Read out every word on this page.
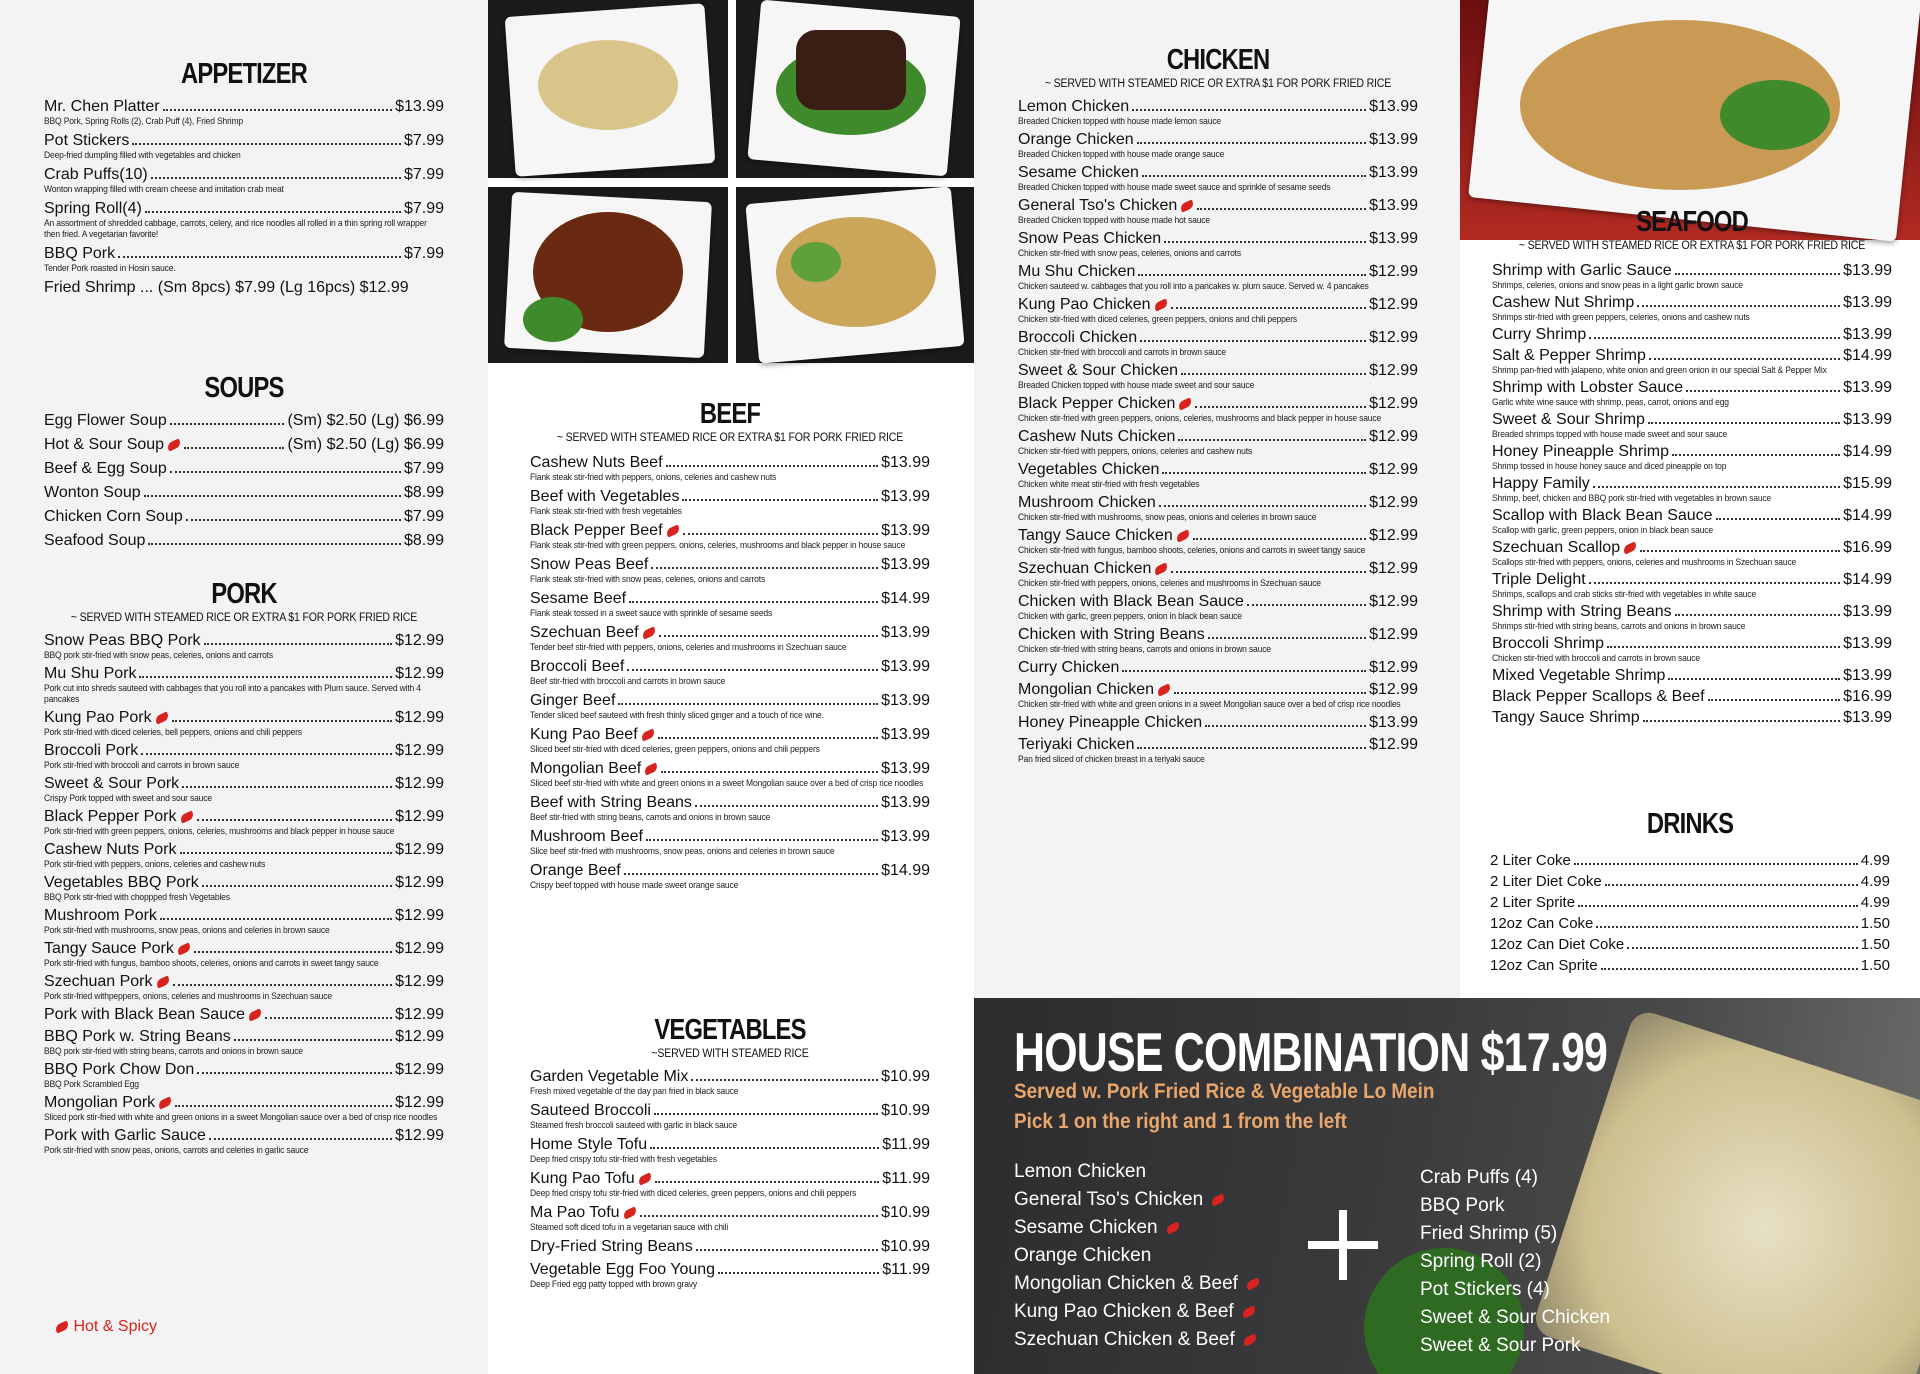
APPETIZER
Mr. Chen Platter	$13.99
BBQ Pork, Spring Rolls (2), Crab Puff (4), Fried Shrimp
Pot Stickers	$7.99
Deep-fried dumpling filled with vegetables and chicken
Crab Puffs(10)	$7.99
Wonton wrapping filled with cream cheese and imitation crab meat
Spring Roll(4)	$7.99
An assortment of shredded cabbage, carrots, celery, and rice noodles all rolled in a thin spring roll wrapper then fried. A vegetarian favorite!
BBQ Pork	$7.99
Tender Pork roasted in Hosin sauce.
Fried Shrimp ... (Sm 8pcs) $7.99 (Lg 16pcs) $12.99
SOUPS
Egg Flower Soup	(Sm) $2.50 (Lg) $6.99
Hot & Sour Soup	(Sm) $2.50 (Lg) $6.99
Beef & Egg Soup	$7.99
Wonton Soup	$8.99
Chicken Corn Soup	$7.99
Seafood Soup	$8.99
PORK
~ SERVED WITH STEAMED RICE OR EXTRA $1 FOR PORK FRIED RICE
Snow Peas BBQ Pork	$12.99
BBQ pork stir-fried with snow peas, celeries, onions and carrots
Mu Shu Pork	$12.99
Pork cut into shreds sauteed with cabbages that you roll into a pancakes with Plum sauce. Served with 4 pancakes
Kung Pao Pork	$12.99
Pork stir-fried with diced celeries, bell peppers, onions and chili peppers
Broccoli Pork	$12.99
Pork stir-fried with broccoli and carrots in brown sauce
Sweet & Sour Pork	$12.99
Crispy Pork topped with sweet and sour sauce
Black Pepper Pork	$12.99
Pork stir-fried with green peppers, onions, celeries, mushrooms and black pepper in house sauce
Cashew Nuts Pork	$12.99
Pork stir-fried with peppers, onions, celeries and cashew nuts
Vegetables BBQ Pork	$12.99
BBQ Pork stir-fried with choppped fresh Vegetables
Mushroom Pork	$12.99
Pork stir-fried with mushrooms, snow peas, onions and celeries in brown sauce
Tangy Sauce Pork	$12.99
Pork stir-fried with fungus, bamboo shoots, celeries, onions and carrots in sweet tangy sauce
Szechuan Pork	$12.99
Pork stir-fried withpeppers, onions, celeries and mushrooms in Szechuan sauce
Pork with Black Bean Sauce	$12.99
BBQ Pork w. String Beans	$12.99
BBQ pork stir-fried with string beans, carrots and onions in brown sauce
BBQ Pork Chow Don	$12.99
BBQ Pork Scrambled Egg
Mongolian Pork	$12.99
Sliced pork stir-fried with white and green onions in a sweet Mongolian sauce over a bed of crisp rice noodles
Pork with Garlic Sauce	$12.99
Pork stir-fried with snow peas, onions, carrots and celeries in garlic sauce
Hot & Spicy
BEEF
~ SERVED WITH STEAMED RICE OR EXTRA $1 FOR PORK FRIED RICE
Cashew Nuts Beef	$13.99
Flank steak stir-fried with peppers, onions, celeries and cashew nuts
Beef with Vegetables	$13.99
Flank steak stir-fried with fresh vegetables
Black Pepper Beef	$13.99
Flank steak stir-fried with green peppers, onions, celeries, mushrooms and black pepper in house sauce
Snow Peas Beef	$13.99
Flank steak stir-fried with snow peas, celeries, onions and carrots
Sesame Beef	$14.99
Flank steak tossed in a sweet sauce with sprinkle of sesame seeds
Szechuan Beef	$13.99
Tender beef stir-fried with peppers, onions, celeries and mushrooms in Szechuan sauce
Broccoli Beef	$13.99
Beef stir-fried with broccoli and carrots in brown sauce
Ginger Beef	$13.99
Tender sliced beef sauteed with fresh thinly sliced ginger and a touch of rice wine.
Kung Pao Beef	$13.99
Sliced beef stir-fried with diced celeries, green peppers, onions and chili peppers
Mongolian Beef	$13.99
Sliced beef stir-fried with white and green onions in a sweet Mongolian sauce over a bed of crisp rice noodles
Beef with String Beans	$13.99
Beef stir-fried with string beans, carrots and onions in brown sauce
Mushroom Beef	$13.99
Slice beef stir-fried with mushrooms, snow peas, onions and celeries in brown sauce
Orange Beef	$14.99
Crispy beef topped with house made sweet orange sauce
VEGETABLES
~SERVED WITH STEAMED RICE
Garden Vegetable Mix	$10.99
Fresh mixed vegetable of the day pan fried in black sauce
Sauteed Broccoli	$10.99
Steamed fresh broccoli sauteed with garlic in black sauce
Home Style Tofu	$11.99
Deep fried crispy tofu stir-fried with fresh vegetables
Kung Pao Tofu	$11.99
Deep fried crispy tofu stir-fried with diced celeries, green peppers, onions and chili peppers
Ma Pao Tofu	$10.99
Steamed soft diced tofu in a vegetarian sauce with chili
Dry-Fried String Beans	$10.99
Vegetable Egg Foo Young	$11.99
Deep Fried egg patty topped with brown gravy
CHICKEN
~ SERVED WITH STEAMED RICE OR EXTRA $1 FOR PORK FRIED RICE
Lemon Chicken	$13.99
Breaded Chicken topped with house made lemon sauce
Orange Chicken	$13.99
Breaded Chicken topped with house made orange sauce
Sesame Chicken	$13.99
Breaded Chicken topped with house made sweet sauce and sprinkle of sesame seeds
General Tso's Chicken	$13.99
Breaded Chicken topped with house made hot sauce
Snow Peas Chicken	$13.99
Chicken stir-fried with snow peas, celeries, onions and carrots
Mu Shu Chicken	$12.99
Chicken sauteed w. cabbages that you roll into a pancakes w. plum sauce. Served w. 4 pancakes
Kung Pao Chicken	$12.99
Chicken stir-fried with diced celeries, green peppers, onions and chili peppers
Broccoli Chicken	$12.99
Chicken stir-fried with broccoli and carrots in brown sauce
Sweet & Sour Chicken	$12.99
Breaded Chicken topped with house made sweet and sour sauce
Black Pepper Chicken	$12.99
Chicken stir-fried with green peppers, onions, celeries, mushrooms and black pepper in house sauce
Cashew Nuts Chicken	$12.99
Chicken stir-fried with peppers, onions, celeries and cashew nuts
Vegetables Chicken	$12.99
Chicken white meat stir-fried with fresh vegetables
Mushroom Chicken	$12.99
Chicken stir-fried with mushrooms, snow peas, onions and celeries in brown sauce
Tangy Sauce Chicken	$12.99
Chicken stir-fried with fungus, bamboo shoots, celeries, onions and carrots in sweet tangy sauce
Szechuan Chicken	$12.99
Chicken stir-fried with peppers, onions, celeries and mushrooms in Szechuan sauce
Chicken with Black Bean Sauce	$12.99
Chicken with garlic, green peppers, onion in black bean sauce
Chicken with String Beans	$12.99
Chicken stir-fried with string beans, carrots and onions in brown sauce
Curry Chicken	$12.99
Mongolian Chicken	$12.99
Chicken stir-fried with white and green onions in a sweet Mongolian sauce over a bed of crisp rice noodles
Honey Pineapple Chicken	$13.99
Teriyaki Chicken	$12.99
Pan fried sliced of chicken breast in a teriyaki sauce
SEAFOOD
~ SERVED WITH STEAMED RICE OR EXTRA $1 FOR PORK FRIED RICE
Shrimp with Garlic Sauce	$13.99
Shrimps, celeries, onions and snow peas in a light garlic brown sauce
Cashew Nut Shrimp	$13.99
Shrimps stir-fried with green peppers, celeries, onions and cashew nuts
Curry Shrimp	$13.99
Salt & Pepper Shrimp	$14.99
Shrimp pan-fried with jalapeno, white onion and green onion in our special Salt & Pepper Mix
Shrimp with Lobster Sauce	$13.99
Garlic white wine sauce with shrimp, peas, carrot, onions and egg
Sweet & Sour Shrimp	$13.99
Breaded shrimps topped with house made sweet and sour sauce
Honey Pineapple Shrimp	$14.99
Shrimp tossed in house honey sauce and diced pineapple on top
Happy Family	$15.99
Shrimp, beef, chicken and BBQ pork stir-fried with vegetables in brown sauce
Scallop with Black Bean Sauce	$14.99
Scallop with garlic, green peppers, onion in black bean sauce
Szechuan Scallop	$16.99
Scallops stir-fried with peppers, onions, celeries and mushrooms in Szechuan sauce
Triple Delight	$14.99
Shrimps, scallops and crab sticks stir-fried with vegetables in white sauce
Shrimp with String Beans	$13.99
Shrimps stir-fried with string beans, carrots and onions in brown sauce
Broccoli Shrimp	$13.99
Chicken stir-fried with broccoli and carrots in brown sauce
Mixed Vegetable Shrimp	$13.99
Black Pepper Scallops & Beef	$16.99
Tangy Sauce Shrimp	$13.99
DRINKS
2 Liter Coke	4.99
2 Liter Diet Coke	4.99
2 Liter Sprite	4.99
12oz Can Coke	1.50
12oz Can Diet Coke	1.50
12oz Can Sprite	1.50
HOUSE COMBINATION $17.99
Served w. Pork Fried Rice & Vegetable Lo Mein
Pick 1 on the right and 1 from the left
Lemon Chicken
General Tso's Chicken
Sesame Chicken
Orange Chicken
Mongolian Chicken & Beef
Kung Pao Chicken & Beef
Szechuan Chicken & Beef
Crab Puffs (4)
BBQ Pork
Fried Shrimp (5)
Spring Roll (2)
Pot Stickers (4)
Sweet & Sour Chicken
Sweet & Sour Pork
